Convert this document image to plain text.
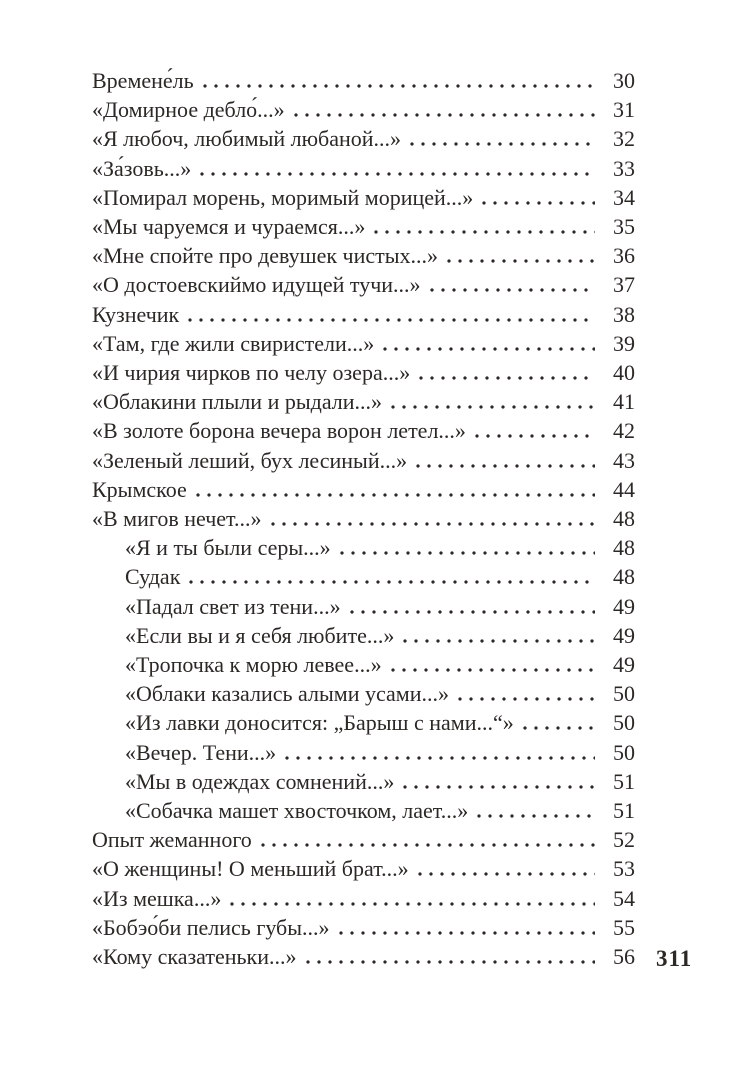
Времене́ль	30
«Домирное дебло́...»	31
«Я любоч, любимый любаной...»	32
«За́зовь...»	33
«Помирал морень, моримый морицей...»	34
«Мы чаруемся и чураемся...»	35
«Мне спойте про девушек чистых...»	36
«О достоевскиймо идущей тучи...»	37
Кузнечик	38
«Там, где жили свиристели...»	39
«И чирия чирков по челу озера...»	40
«Облакини плыли и рыдали...»	41
«В золоте борона вечера ворон летел...»	42
«Зеленый леший, бух лесиный...»	43
Крымское	44
«В мигов нечет...»	48
«Я и ты были серы...»	48
Судак	48
«Падал свет из тени...»	49
«Если вы и я себя любите...»	49
«Тропочка к морю левее...»	49
«Облаки казались алыми усами...»	50
«Из лавки доносится: „Барыш с нами...“»	50
«Вечер. Тени...»	50
«Мы в одеждах сомнений...»	51
«Собачка машет хвосточком, лает...»	51
Опыт жеманного	52
«О женщины! О меньший брат...»	53
«Из мешка...»	54
«Бобэо́би пелись губы...»	55
«Кому сказатеньки...»	56 311
